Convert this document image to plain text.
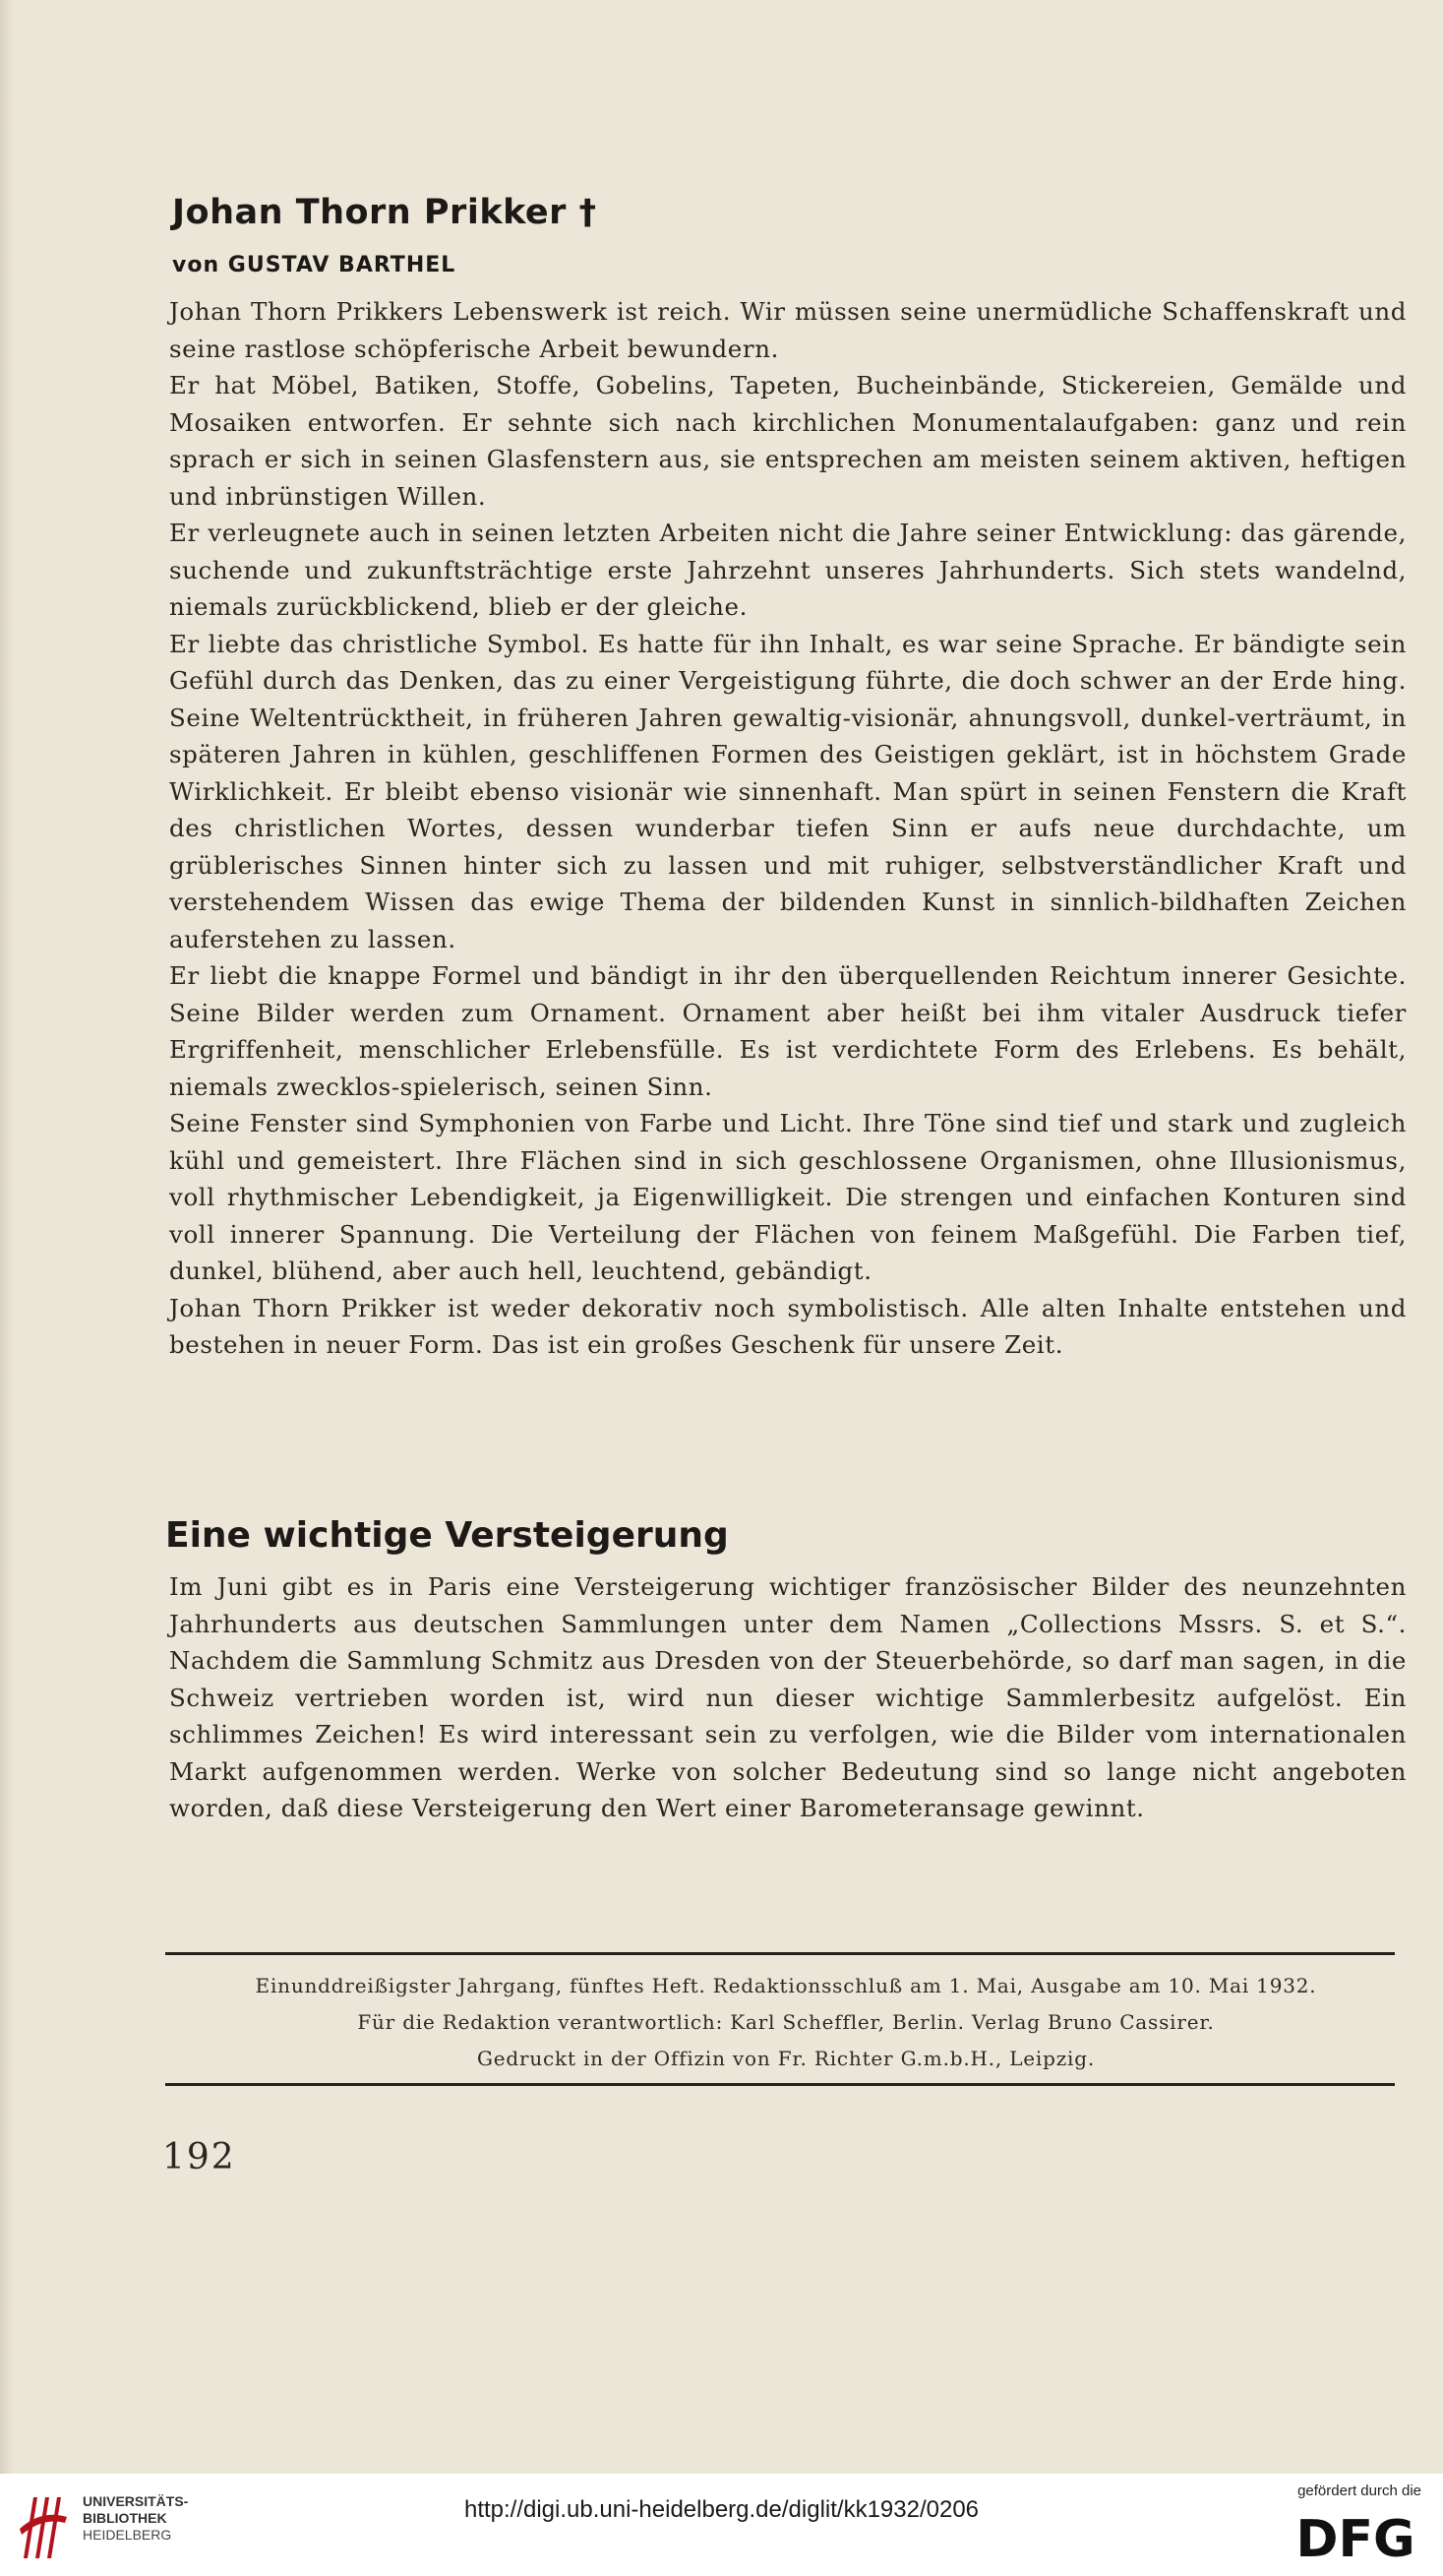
Johan Thorn Prikker †
von GUSTAV BARTHEL

Johan Thorn Prikkers Lebenswerk ist reich. Wir müssen seine unermüdliche Schaffenskraft und seine rastlose schöpferische Arbeit bewundern.

Er hat Möbel, Batiken, Stoffe, Gobelins, Tapeten, Bucheinbände, Stickereien, Gemälde und Mosaiken entworfen. Er sehnte sich nach kirchlichen Monumentalaufgaben: ganz und rein sprach er sich in seinen Glasfenstern aus, sie entsprechen am meisten seinem aktiven, heftigen und inbrünstigen Willen.

Er verleugnete auch in seinen letzten Arbeiten nicht die Jahre seiner Entwicklung: das gärende, suchende und zukunftsträchtige erste Jahrzehnt unseres Jahrhunderts. Sich stets wandelnd, niemals zurückblickend, blieb er der gleiche.

Er liebte das christliche Symbol. Es hatte für ihn Inhalt, es war seine Sprache. Er bändigte sein Gefühl durch das Denken, das zu einer Vergeistigung führte, die doch schwer an der Erde hing. Seine Weltentrücktheit, in früheren Jahren gewaltig-visionär, ahnungsvoll, dunkel-verträumt, in späteren Jahren in kühlen, geschliffenen Formen des Geistigen geklärt, ist in höchstem Grade Wirklichkeit. Er bleibt ebenso visionär wie sinnenhaft. Man spürt in seinen Fenstern die Kraft des christlichen Wortes, dessen wunderbar tiefen Sinn er aufs neue durchdachte, um grüblerisches Sinnen hinter sich zu lassen und mit ruhiger, selbstverständlicher Kraft und verstehendem Wissen das ewige Thema der bildenden Kunst in sinnlich-bildhaften Zeichen auferstehen zu lassen.

Er liebt die knappe Formel und bändigt in ihr den überquellenden Reichtum innerer Gesichte. Seine Bilder werden zum Ornament. Ornament aber heißt bei ihm vitaler Ausdruck tiefer Ergriffenheit, menschlicher Erlebensfülle. Es ist verdichtete Form des Erlebens. Es behält, niemals zwecklos-spielerisch, seinen Sinn.

Seine Fenster sind Symphonien von Farbe und Licht. Ihre Töne sind tief und stark und zugleich kühl und gemeistert. Ihre Flächen sind in sich geschlossene Organismen, ohne Illusionismus, voll rhythmischer Lebendigkeit, ja Eigenwilligkeit. Die strengen und einfachen Konturen sind voll innerer Spannung. Die Verteilung der Flächen von feinem Maßgefühl. Die Farben tief, dunkel, blühend, aber auch hell, leuchtend, gebändigt.

Johan Thorn Prikker ist weder dekorativ noch symbolistisch. Alle alten Inhalte entstehen und bestehen in neuer Form. Das ist ein großes Geschenk für unsere Zeit.

Eine wichtige Versteigerung

Im Juni gibt es in Paris eine Versteigerung wichtiger französischer Bilder des neunzehnten Jahrhunderts aus deutschen Sammlungen unter dem Namen „Collections Mssrs. S. et S.“. Nachdem die Sammlung Schmitz aus Dresden von der Steuerbehörde, so darf man sagen, in die Schweiz vertrieben worden ist, wird nun dieser wichtige Sammlerbesitz aufgelöst. Ein schlimmes Zeichen! Es wird interessant sein zu verfolgen, wie die Bilder vom internationalen Markt aufgenommen werden. Werke von solcher Bedeutung sind so lange nicht angeboten worden, daß diese Versteigerung den Wert einer Barometeransage gewinnt.

Einunddreißigster Jahrgang, fünftes Heft. Redaktionsschluß am 1. Mai, Ausgabe am 10. Mai 1932.
Für die Redaktion verantwortlich: Karl Scheffler, Berlin. Verlag Bruno Cassirer.
Gedruckt in der Offizin von Fr. Richter G.m.b.H., Leipzig.
192
UNIVERSITÄTS-
BIBLIOTHEK
HEIDELBERG
http://digi.ub.uni-heidelberg.de/diglit/kk1932/0206
gefördert durch die
DFG
